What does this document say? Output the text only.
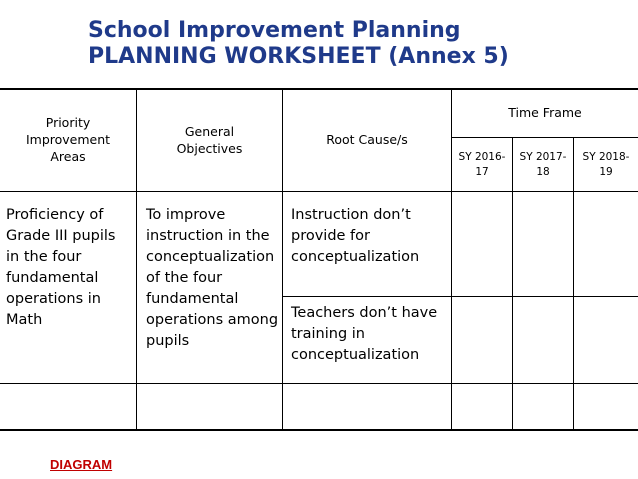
School Improvement Planning
PLANNING WORKSHEET (Annex 5)
Priority Improvement Areas
General Objectives
Root Cause/s
Time Frame
SY 2016-17
SY 2017-18
SY 2018-19
Proficiency of Grade III pupils in the four fundamental operations in Math
To improve instruction in the conceptualization of the four fundamental operations among pupils
Instruction don’t provide for conceptualization
Teachers don’t have training in conceptualization
DIAGRAM
